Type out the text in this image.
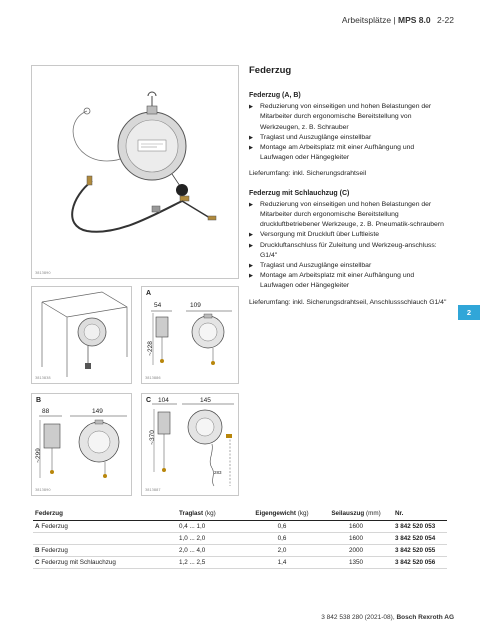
Arbeitsplätze | MPS 8.0 2-22
3813890
3813838
A
54	109
~228
3813886
B
88	149
~299
3813890
C 104	145
~370
283
3813887
Federzug
Federzug (A, B)
▶ Reduzierung von einseitigen und hohen Belastungen der Mitarbeiter durch ergonomische Bereitstellung von Werkzeugen, z. B. Schrauber
▶ Traglast und Auszuglänge einstellbar
▶ Montage am Arbeitsplatz mit einer Aufhängung und Laufwagen oder Hängegleiter
Lieferumfang: inkl. Sicherungsdrahtseil
Federzug mit Schlauchzug (C)
▶ Reduzierung von einseitigen und hohen Belastungen der Mitarbeiter durch ergonomische Bereitstellung druckluftbetriebener Werkzeuge, z. B. Pneumatik-schraubern
▶ Versorgung mit Druckluft über Luftleiste
▶ Druckluftanschluss für Zuleitung und Werkzeug-anschluss: G1/4"
▶ Traglast und Auszuglänge einstellbar
▶ Montage am Arbeitsplatz mit einer Aufhängung und Laufwagen oder Hängegleiter
Lieferumfang: inkl. Sicherungsdrahtseil, Anschlussschlauch G1/4"
2
Federzug	Traglast (kg)	Eigengewicht (kg)	Seilauszug (mm)	Nr.
A Federzug	0,4 ... 1,0	0,6	1600	3 842 520 053
	1,0 ... 2,0	0,6	1600	3 842 520 054
B Federzug	2,0 ... 4,0	2,0	2000	3 842 520 055
C Federzug mit Schlauchzug	1,2 ... 2,5	1,4	1350	3 842 520 056
3 842 538 280 (2021-08), Bosch Rexroth AG
